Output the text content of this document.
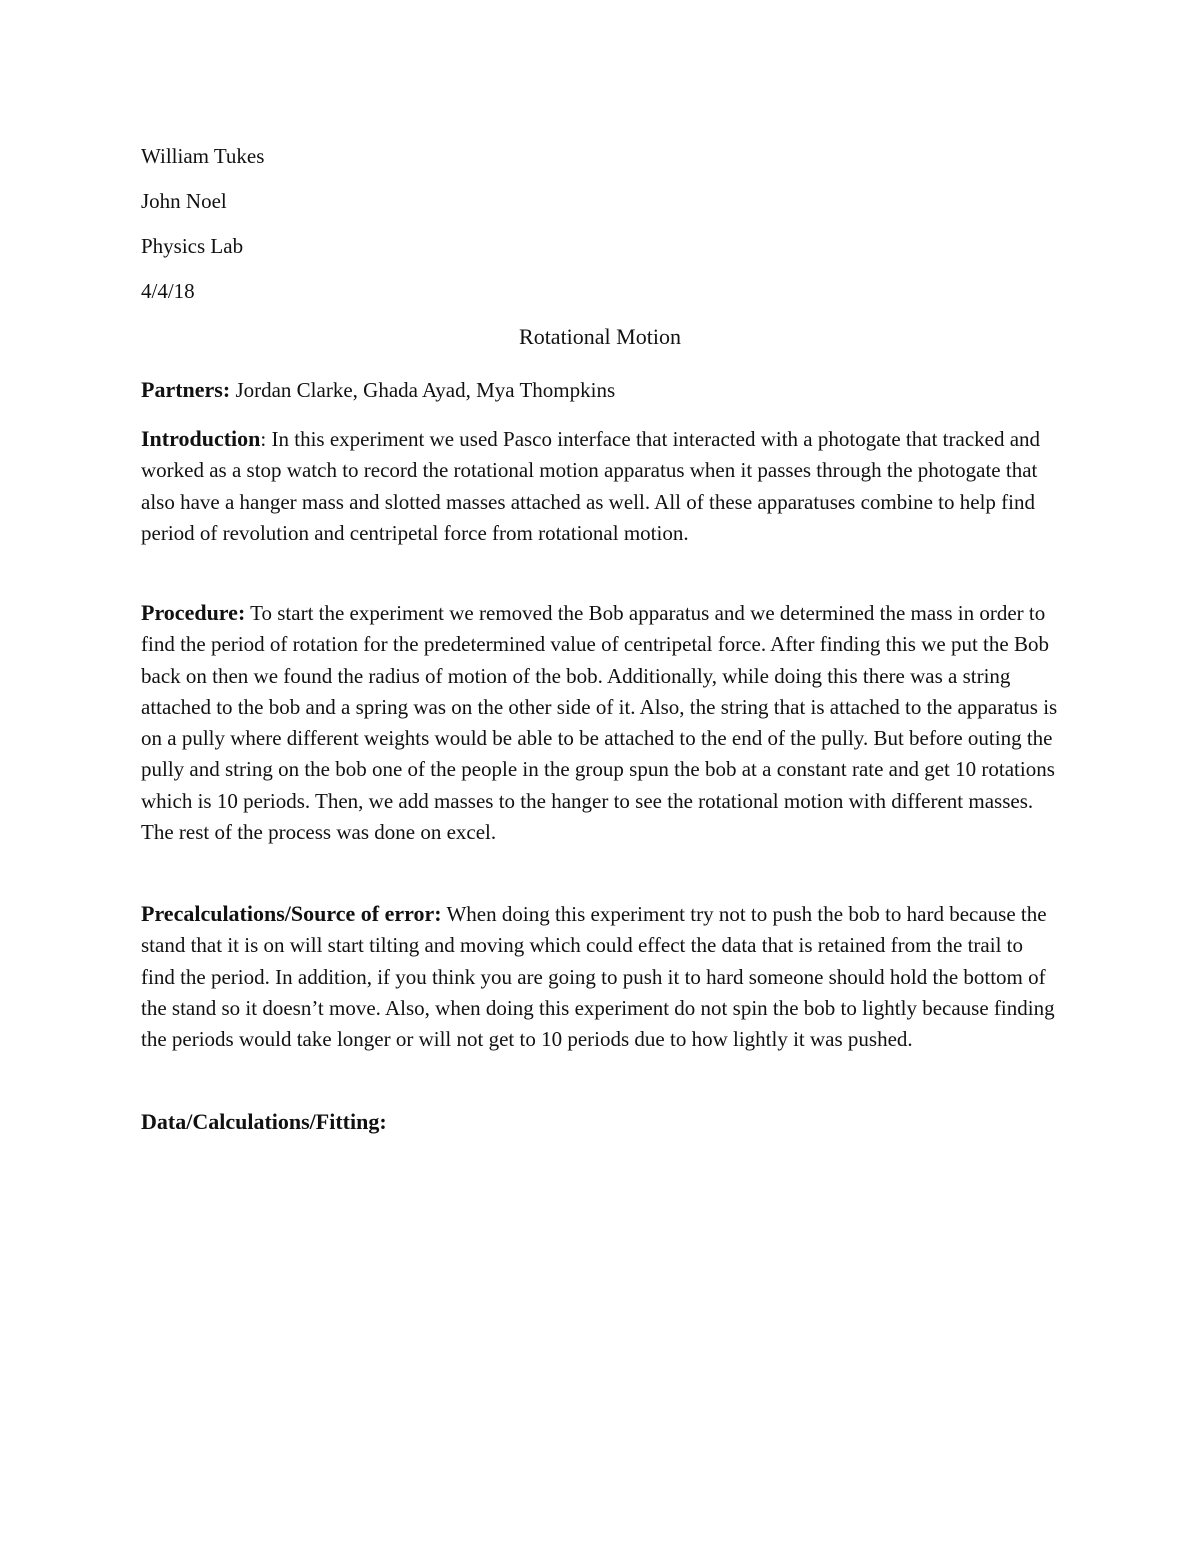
William Tukes

John Noel

Physics Lab

4/4/18

Rotational Motion

Partners: Jordan Clarke, Ghada Ayad, Mya Thompkins

Introduction: In this experiment we used Pasco interface that interacted with a photogate that tracked and worked as a stop watch to record the rotational motion apparatus when it passes through the photogate that also have a hanger mass and slotted masses attached as well. All of these apparatuses combine to help find period of revolution and centripetal force from rotational motion.

Procedure: To start the experiment we removed the Bob apparatus and we determined the mass in order to find the period of rotation for the predetermined value of centripetal force. After finding this we put the Bob back on then we found the radius of motion of the bob. Additionally, while doing this there was a string attached to the bob and a spring was on the other side of it. Also, the string that is attached to the apparatus is on a pully where different weights would be able to be attached to the end of the pully. But before outing the pully and string on the bob one of the people in the group spun the bob at a constant rate and get 10 rotations which is 10 periods. Then, we add masses to the hanger to see the rotational motion with different masses. The rest of the process was done on excel.

Precalculations/Source of error: When doing this experiment try not to push the bob to hard because the stand that it is on will start tilting and moving which could effect the data that is retained from the trail to find the period. In addition, if you think you are going to push it to hard someone should hold the bottom of the stand so it doesn’t move. Also, when doing this experiment do not spin the bob to lightly because finding the periods would take longer or will not get to 10 periods due to how lightly it was pushed.

Data/Calculations/Fitting:
